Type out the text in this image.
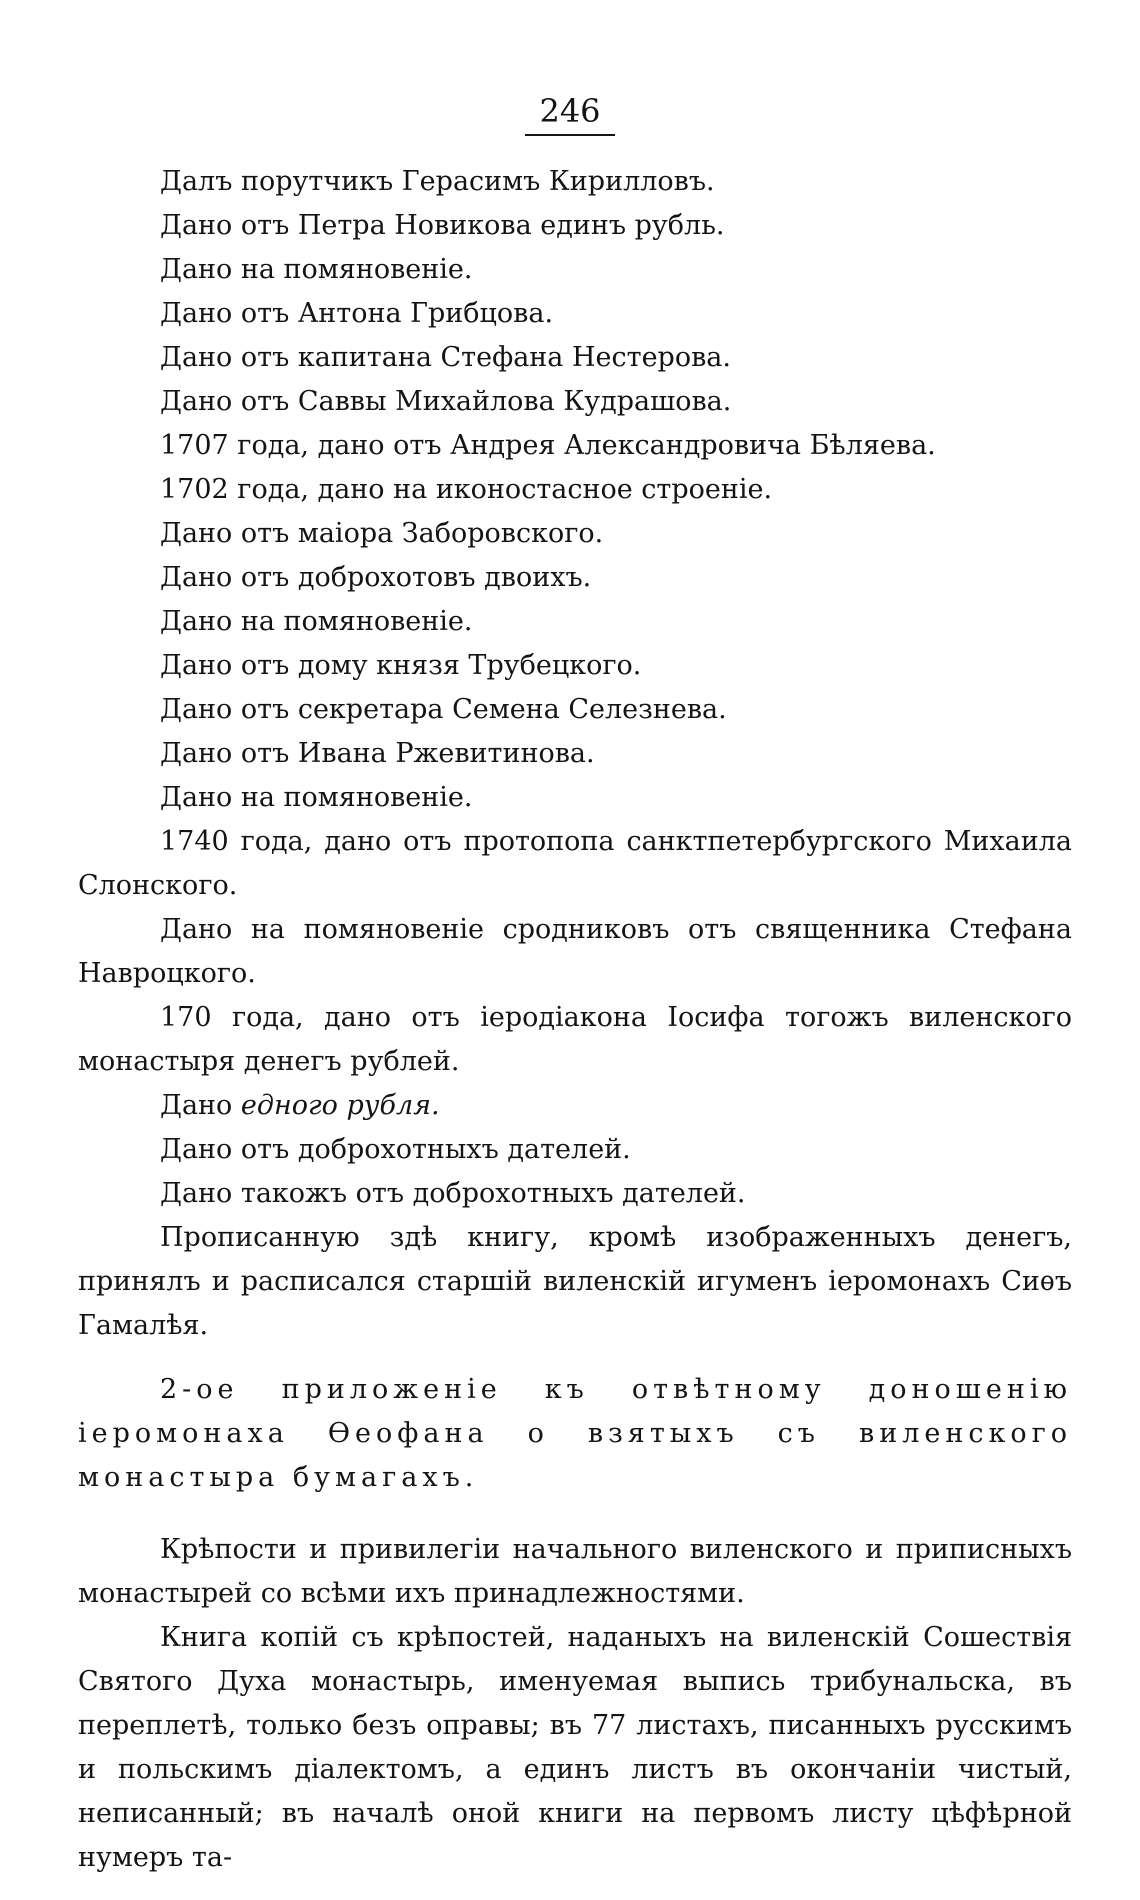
246
Далъ порутчикъ Герасимъ Кирилловъ.
Дано отъ Петра Новикова единъ рубль.
Дано на помяновеніе.
Дано отъ Антона Грибцова.
Дано отъ капитана Стефана Нестерова.
Дано отъ Саввы Михайлова Кудрашова.
1707 года, дано отъ Андрея Александровича Бѣляева.
1702 года, дано на иконостасное строеніе.
Дано отъ маіора Заборовского.
Дано отъ доброхотовъ двоихъ.
Дано на помяновеніе.
Дано отъ дому князя Трубецкого.
Дано отъ секретара Семена Селезнева.
Дано отъ Ивана Ржевитинова.
Дано на помяновеніе.
1740 года, дано отъ протопопа санктпетербургского Михаила Слонского.
Дано на помяновеніе сродниковъ отъ священника Стефана Навроцкого.
170 года, дано отъ іеродіакона Іосифа тогожъ виленского монастыря денегъ рублей.
Дано едного рубля.
Дано отъ доброхотныхъ дателей.
Дано такожъ отъ доброхотныхъ дателей.
Прописанную здѣ книгу, кромѣ изображенныхъ денегъ, принялъ и расписался старшій виленскій игуменъ іеромонахъ Сиѳъ Гамалѣя.
2-ое приложеніе къ отвѣтному доношенію іеромонаха Ѳеофана о взятыхъ съ виленского монастыра бумагахъ.
Крѣпости и привилегіи начального виленского и приписныхъ монастырей со всѣми ихъ принадлежностями.
Книга копій съ крѣпостей, наданыхъ на виленскій Сошествія Святого Духа монастырь, именуемая выпись трибунальска, въ переплетѣ, только безъ оправы; въ 77 листахъ, писанныхъ русскимъ и польскимъ діалектомъ, а единъ листъ въ окончаніи чистый, неписанный; въ началѣ оной книги на первомъ листу цѣфѣрной нумеръ та-
